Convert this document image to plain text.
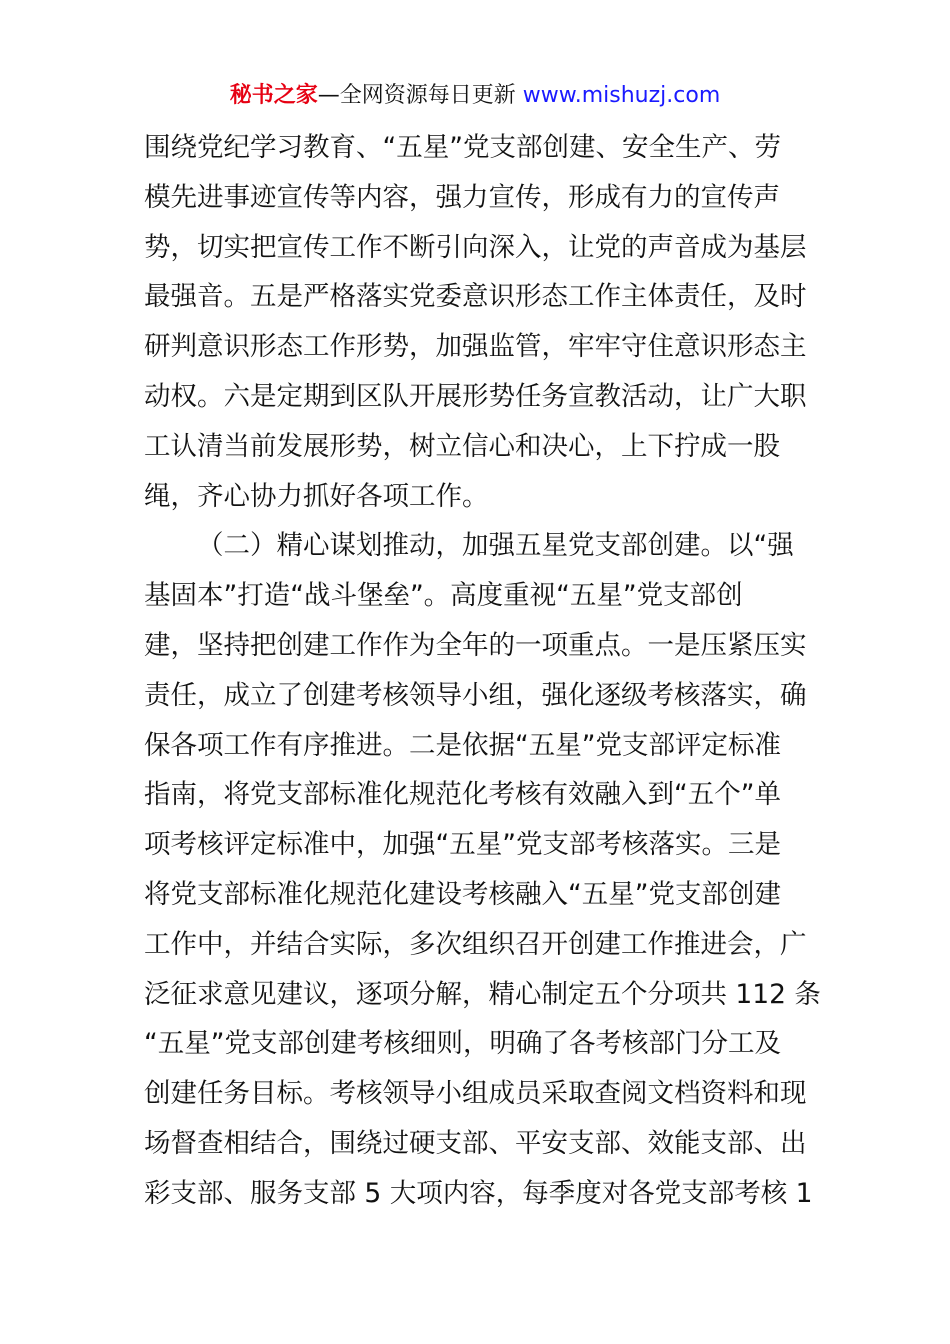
秘书之家—全网资源每日更新 www.mishuzj.com
围绕党纪学习教育、“五星”党支部创建、安全生产、劳
模先进事迹宣传等内容，强力宣传，形成有力的宣传声
势，切实把宣传工作不断引向深入，让党的声音成为基层
最强音。五是严格落实党委意识形态工作主体责任，及时
研判意识形态工作形势，加强监管，牢牢守住意识形态主
动权。六是定期到区队开展形势任务宣教活动，让广大职
工认清当前发展形势，树立信心和决心，上下拧成一股
绳，齐心协力抓好各项工作。
（二）精心谋划推动，加强五星党支部创建。以“强
基固本”打造“战斗堡垒”。高度重视“五星”党支部创
建，坚持把创建工作作为全年的一项重点。一是压紧压实
责任，成立了创建考核领导小组，强化逐级考核落实，确
保各项工作有序推进。二是依据“五星”党支部评定标准
指南，将党支部标准化规范化考核有效融入到“五个”单
项考核评定标准中，加强“五星”党支部考核落实。三是
将党支部标准化规范化建设考核融入“五星”党支部创建
工作中，并结合实际，多次组织召开创建工作推进会，广
泛征求意见建议，逐项分解，精心制定五个分项共 112 条
“五星”党支部创建考核细则，明确了各考核部门分工及
创建任务目标。考核领导小组成员采取查阅文档资料和现
场督查相结合，围绕过硬支部、平安支部、效能支部、出
彩支部、服务支部 5 大项内容，每季度对各党支部考核 1
